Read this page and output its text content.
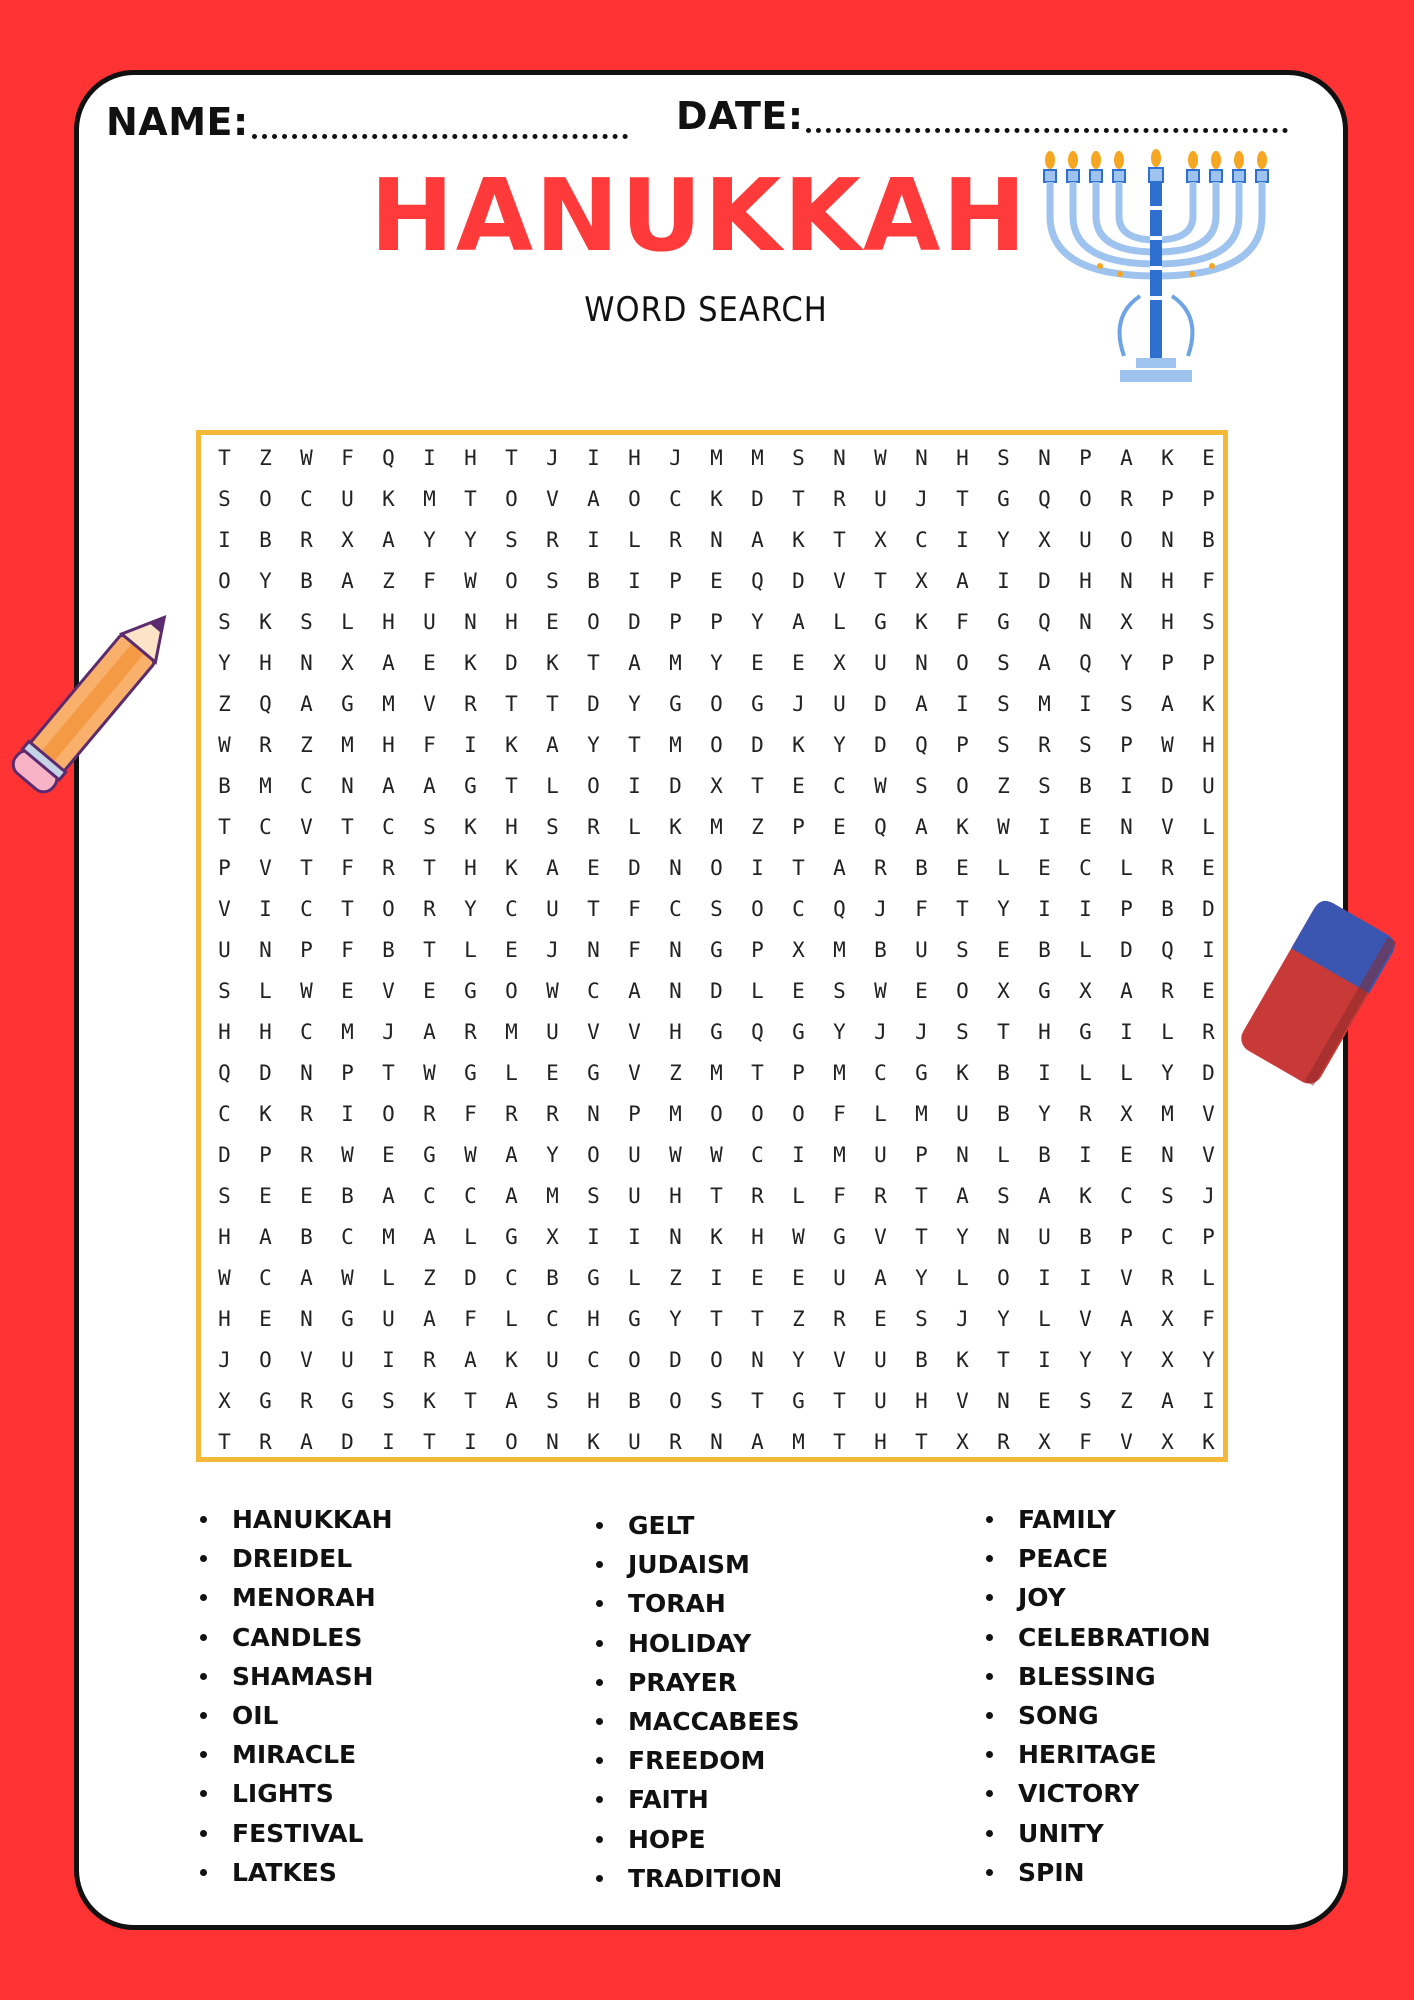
NAME:	DATE:
HANUKKAH
WORD SEARCH
T	Z	W	F	Q	I	H	T	J	I	H	J	M	M	S	N	W	N	H	S	N	P	A	K	E
S	O	C	U	K	M	T	O	V	A	O	C	K	D	T	R	U	J	T	G	Q	O	R	P	P
I	B	R	X	A	Y	Y	S	R	I	L	R	N	A	K	T	X	C	I	Y	X	U	O	N	B
O	Y	B	A	Z	F	W	O	S	B	I	P	E	Q	D	V	T	X	A	I	D	H	N	H	F
S	K	S	L	H	U	N	H	E	O	D	P	P	Y	A	L	G	K	F	G	Q	N	X	H	S
Y	H	N	X	A	E	K	D	K	T	A	M	Y	E	E	X	U	N	O	S	A	Q	Y	P	P
Z	Q	A	G	M	V	R	T	T	D	Y	G	O	G	J	U	D	A	I	S	M	I	S	A	K
W	R	Z	M	H	F	I	K	A	Y	T	M	O	D	K	Y	D	Q	P	S	R	S	P	W	H
B	M	C	N	A	A	G	T	L	O	I	D	X	T	E	C	W	S	O	Z	S	B	I	D	U
T	C	V	T	C	S	K	H	S	R	L	K	M	Z	P	E	Q	A	K	W	I	E	N	V	L
P	V	T	F	R	T	H	K	A	E	D	N	O	I	T	A	R	B	E	L	E	C	L	R	E
V	I	C	T	O	R	Y	C	U	T	F	C	S	O	C	Q	J	F	T	Y	I	I	P	B	D
U	N	P	F	B	T	L	E	J	N	F	N	G	P	X	M	B	U	S	E	B	L	D	Q	I
S	L	W	E	V	E	G	O	W	C	A	N	D	L	E	S	W	E	O	X	G	X	A	R	E
H	H	C	M	J	A	R	M	U	V	V	H	G	Q	G	Y	J	J	S	T	H	G	I	L	R
Q	D	N	P	T	W	G	L	E	G	V	Z	M	T	P	M	C	G	K	B	I	L	L	Y	D
C	K	R	I	O	R	F	R	R	N	P	M	O	O	O	F	L	M	U	B	Y	R	X	M	V
D	P	R	W	E	G	W	A	Y	O	U	W	W	C	I	M	U	P	N	L	B	I	E	N	V
S	E	E	B	A	C	C	A	M	S	U	H	T	R	L	F	R	T	A	S	A	K	C	S	J
H	A	B	C	M	A	L	G	X	I	I	N	K	H	W	G	V	T	Y	N	U	B	P	C	P
W	C	A	W	L	Z	D	C	B	G	L	Z	I	E	E	U	A	Y	L	O	I	I	V	R	L
H	E	N	G	U	A	F	L	C	H	G	Y	T	T	Z	R	E	S	J	Y	L	V	A	X	F
J	O	V	U	I	R	A	K	U	C	O	D	O	N	Y	V	U	B	K	T	I	Y	Y	X	Y
X	G	R	G	S	K	T	A	S	H	B	O	S	T	G	T	U	H	V	N	E	S	Z	A	I
T	R	A	D	I	T	I	O	N	K	U	R	N	A	M	T	H	T	X	R	X	F	V	X	K
HANUKKAH
DREIDEL
MENORAH
CANDLES
SHAMASH
OIL
MIRACLE
LIGHTS
FESTIVAL
LATKES
GELT
JUDAISM
TORAH
HOLIDAY
PRAYER
MACCABEES
FREEDOM
FAITH
HOPE
TRADITION
FAMILY
PEACE
JOY
CELEBRATION
BLESSING
SONG
HERITAGE
VICTORY
UNITY
SPIN
